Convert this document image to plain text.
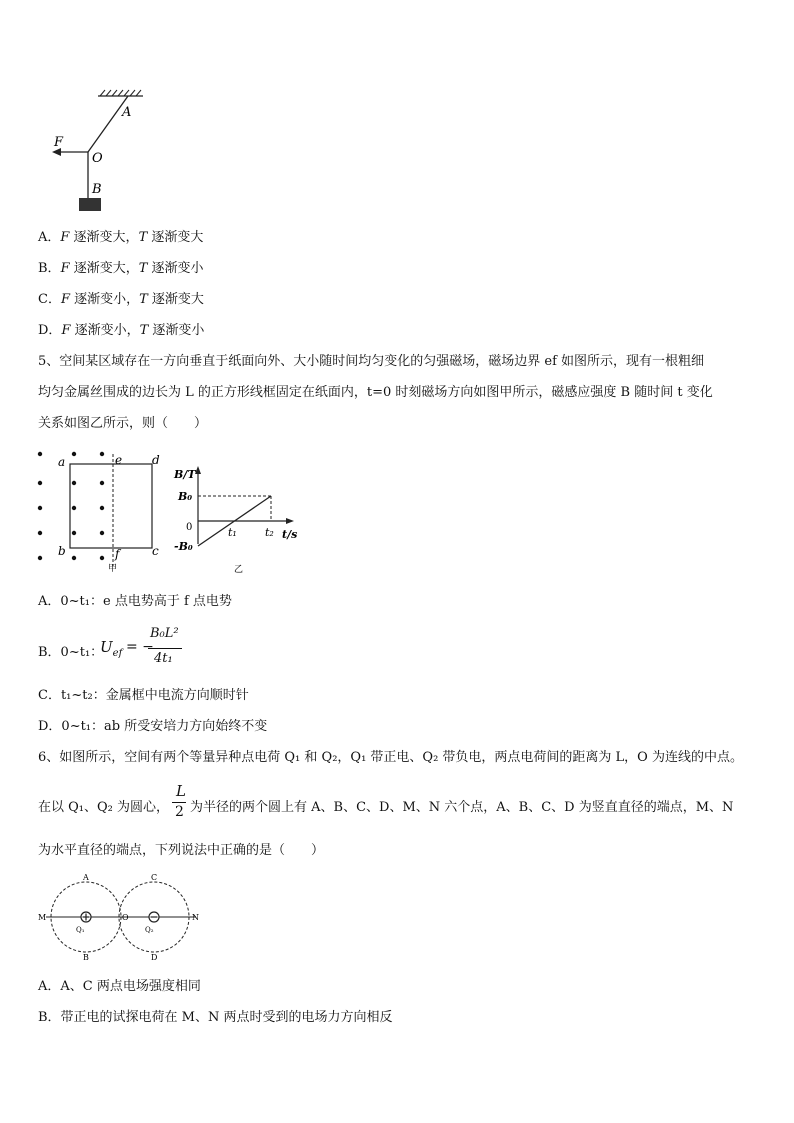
A
O
B
F
A．F 逐渐变大，T 逐渐变大
B．F 逐渐变大，T 逐渐变小
C．F 逐渐变小，T 逐渐变大
D．F 逐渐变小，T 逐渐变小
5、空间某区域存在一方向垂直于纸面向外、大小随时间均匀变化的匀强磁场，磁场边界 ef 如图所示，现有一根粗细
均匀金属丝围成的边长为 L 的正方形线框固定在纸面内，t=0 时刻磁场方向如图甲所示，磁感应强度 B 随时间 t 变化
关系如图乙所示，则（　　）
a
b	c
d
e
f
甲
B/T
B₀
0
-B₀
t₁	t₂ t/s
乙
A．0~t₁：e 点电势高于 f 点电势
B．0~t₁：
$U_{ef}$ = −
B₀L²
4t₁
C．t₁~t₂：金属框中电流方向顺时针
D．0~t₁：ab 所受安培力方向始终不变
6、如图所示，空间有两个等量异种点电荷 Q₁ 和 Q₂，Q₁ 带正电、Q₂ 带负电，两点电荷间的距离为 L，O 为连线的中点。
在以 Q₁、Q₂ 为圆心，
L
2 为半径的两个圆上有 A、B、C、D、M、N 六个点，A、B、C、D 为竖直直径的端点，M、N
为水平直径的端点，下列说法中正确的是（　　）
A
B
C
D
M	N
O
Q₁	Q₂
A．A、C 两点电场强度相同
B．带正电的试探电荷在 M、N 两点时受到的电场力方向相反
